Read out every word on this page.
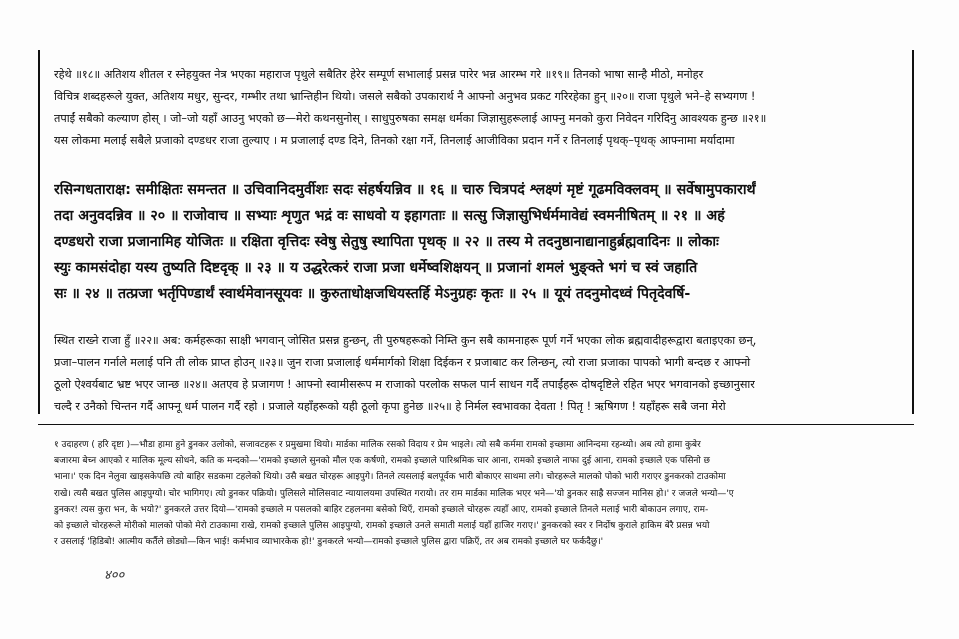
रहेथे ॥१८॥ अतिशय शीतल र स्नेहयुक्त नेत्र भएका महाराज पृथुले सबैतिर हेरेर सम्पूर्ण सभालाई प्रसन्न पारेर भन्न आरम्भ गरे ॥१९॥ तिनको भाषा सान्है मीठो, मनोहर
विचित्र शब्दहरूले युक्त, अतिशय मधुर, सुन्दर, गम्भीर तथा भ्रान्तिहीन थियो। जसले सबैको उपकारार्थ नै आफ्नो अनुभव प्रकट गरिरहेका हुन् ॥२०॥ राजा पृथुले भने–हे सभ्यगण !
तपाईं सबैको कल्याण होस् । जो–जो यहाँ आउनु भएको छ—मेरो कथनसुनोस् । साधुपुरुषका समक्ष धर्मका जिज्ञासुहरूलाई आफ्नु मनको कुरा निवेदन गरिदिनु आवश्यक हुन्छ ॥२१॥
यस लोकमा मलाई सबैले प्रजाको दण्डधर राजा तुल्याए । म प्रजालाई दण्ड दिने, तिनको रक्षा गर्ने, तिनलाई आजीविका प्रदान गर्ने र तिनलाई पृथक्–पृथक् आफ्नामा मर्यादामा
रसिन्गधताराक्ष: समीक्षितः समन्तत ॥ उचिवानिदमुर्वीशः सदः संहर्षयन्निव ॥ १६ ॥ चारु चित्रपदं श्लक्ष्णं मृष्टं गूढमविक्लवम् ॥ सर्वेषामुपकारार्थं
तदा अनुवदन्निव ॥ २० ॥ राजोवाच ॥ सभ्याः शृणुत भद्रं वः साधवो य इहागताः ॥ सत्सु जिज्ञासुभिर्धर्ममावेद्यं स्वमनीषितम् ॥ २१ ॥ अहं
दण्डधरो राजा प्रजानामिह योजितः ॥ रक्षिता वृत्तिदः स्वेषु सेतुषु स्थापिता पृथक् ॥ २२ ॥ तस्य मे तदनुष्ठानाद्यानाहुर्ब्रह्मवादिनः ॥ लोकाः
स्युः कामसंदोहा यस्य तुष्यति दिष्टदृक् ॥ २३ ॥ य उद्धरेत्करं राजा प्रजा धर्मेष्वशिक्षयन् ॥ प्रजानां शमलं भुङ्क्ते भगं च स्वं जहाति
सः ॥ २४ ॥ तत्प्रजा भर्तृपिण्डार्थं स्वार्थमेवानसूयवः ॥ कुरुताधोक्षजधियस्तर्हि मेऽनुग्रहः कृतः ॥ २५ ॥ यूयं तदनुमोदध्वं पितृदेवर्षि-
स्थित राख्ने राजा हुँ ॥२२॥ अब: कर्महरूका साक्षी भगवान् जोसित प्रसन्न हुन्छन्, ती पुरुषहरूको निम्ति कुन सबै कामनाहरू पूर्ण गर्ने भएका लोक ब्रह्मवादीहरूद्वारा बताइएका छन्,
प्रजा–पालन गर्नाले मलाई पनि ती लोक प्राप्त होउन् ॥२३॥ जुन राजा प्रजालाई धर्ममार्गको शिक्षा दिईकन र प्रजाबाट कर लिन्छन्, त्यो राजा प्रजाका पापको भागी बन्दछ र आफ्नो
ठूलो ऐश्वर्यबाट भ्रष्ट भएर जान्छ ॥२४॥ अतएव हे प्रजागण ! आफ्नो स्वामीसरूप म राजाको परलोक सफल पार्न साधन गर्दै तपाईंहरू दोषदृष्टिले रहित भएर भगवानको इच्छानुसार
चल्दै र उनैको चिन्तन गर्दै आफ्नू धर्म पालन गर्दै रहो । प्रजाले यहाँहरूको यही ठूलो कृपा हुनेछ ॥२५॥ हे निर्मल स्वभावका देवता ! पितृ ! ऋषिगण ! यहाँहरू सबै जना मेरो
१ उदाहरण ( हरि दृष्टा )—भौडा हामा हुने डुनकर उलोको, सजावटहरू र प्रमुखमा थियो। मार्डका मालिक रसको विदाय र प्रेम भाइले। त्यो सबै कर्ममा रामको इच्छामा आनिन्दमा रहन्थ्यो। अब त्यो हामा कुबेर
बजारमा बेच्न आएको र मालिक मूल्य सोधने, कति क मन्दको—'रामको इच्छाले सुनको मौल एक कर्षणो, रामको इच्छाले पारिश्रमिक चार आना, रामको इच्छाले नाफा दुई आना, रामको इच्छाले एक पसिनो छ
भाना।' एक दिन नेलुवा खाइसकेपछि त्यो बाहिर सडकमा टहलेको थियो। उसै बखत चोरहरू आइपुगे। तिनले त्यसलाई बलपूर्वक भारी बोकाएर साथमा लगे। चोरहरूले मालको पोको भारी गराएर डुनकरको टाउकोमा
राखे। त्यसै बखत पुलिस आइपुग्यो। चोर भागिगए। त्यो डुनकर पक्रियो। पुलिसले मोलिसवाट न्यायालयमा उपस्थित गरायो। तर राम मार्डका मालिक भएर भने—'यो डुनकर साह्रै सज्जन मानिस हो।' र जजले भन्यो—'ए
डुनकर! त्यस कुरा भन, के भयो?' डुनकरले उत्तर दियो—'रामको इच्छाले म पसलको बाहिर टहलनमा बसेको थिएँ, रामको इच्छाले चोरहरू त्यहाँ आए, रामको इच्छाले तिनले मलाई भारी बोकाउन लगाए, राम-
को इच्छाले चोरहरूले मोरीको मालको पोको मेरो टाउकामा राखे, रामको इच्छाले पुलिस आइपुग्यो, रामको इच्छाले उनले समाती मलाई यहाँ हाजिर गराए।' डुनकरको स्वर र निर्दोष कुराले हाकिम बेरै प्रसन्न भयो
र उसलाई 'हिडिबो! आत्मीय कर्तैले छोड्यो—किन भाई! कर्मभाव व्याभारकेक हो!' डुनकरले भन्यो—रामको इच्छाले पुलिस द्वारा पक्रिएँ, तर अब रामको इच्छाले घर फर्कदैछु।'
४००
